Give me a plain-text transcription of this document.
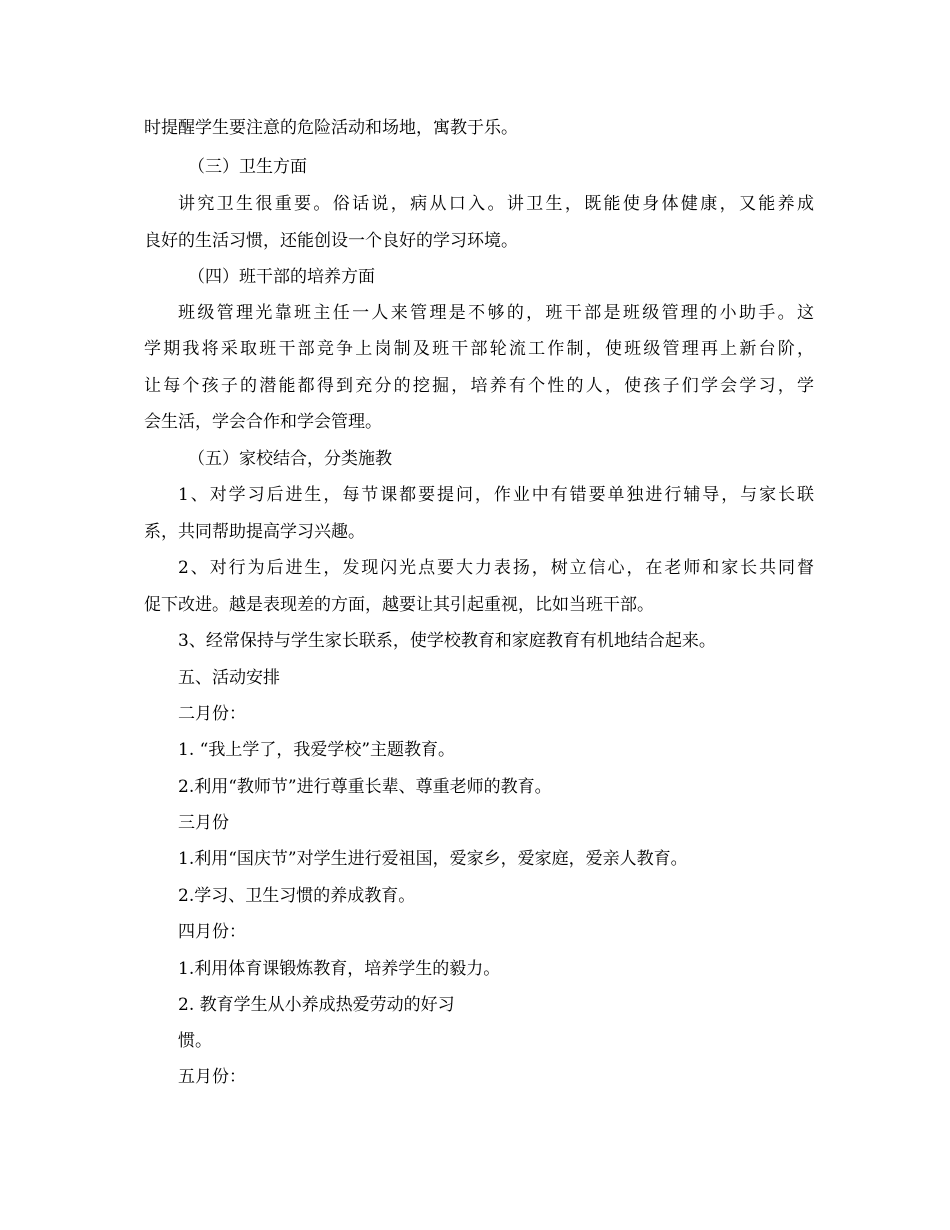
时提醒学生要注意的危险活动和场地，寓教于乐。
（三）卫生方面
讲究卫生很重要。俗话说，病从口入。讲卫生，既能使身体健康，又能养成
良好的生活习惯，还能创设一个良好的学习环境。
（四）班干部的培养方面
班级管理光靠班主任一人来管理是不够的，班干部是班级管理的小助手。这
学期我将采取班干部竞争上岗制及班干部轮流工作制，使班级管理再上新台阶，
让每个孩子的潜能都得到充分的挖掘，培养有个性的人，使孩子们学会学习，学
会生活，学会合作和学会管理。
（五）家校结合，分类施教
1、对学习后进生，每节课都要提问，作业中有错要单独进行辅导，与家长联
系，共同帮助提高学习兴趣。
2、对行为后进生，发现闪光点要大力表扬，树立信心，在老师和家长共同督
促下改进。越是表现差的方面，越要让其引起重视，比如当班干部。
3、经常保持与学生家长联系，使学校教育和家庭教育有机地结合起来。
五、活动安排
二月份：
1. “我上学了，我爱学校”主题教育。
2.利用“教师节”进行尊重长辈、尊重老师的教育。
三月份
1.利用“国庆节”对学生进行爱祖国，爱家乡，爱家庭，爱亲人教育。
2.学习、卫生习惯的养成教育。
四月份：
1.利用体育课锻炼教育，培养学生的毅力。
2. 教育学生从小养成热爱劳动的好习
惯。
五月份：
